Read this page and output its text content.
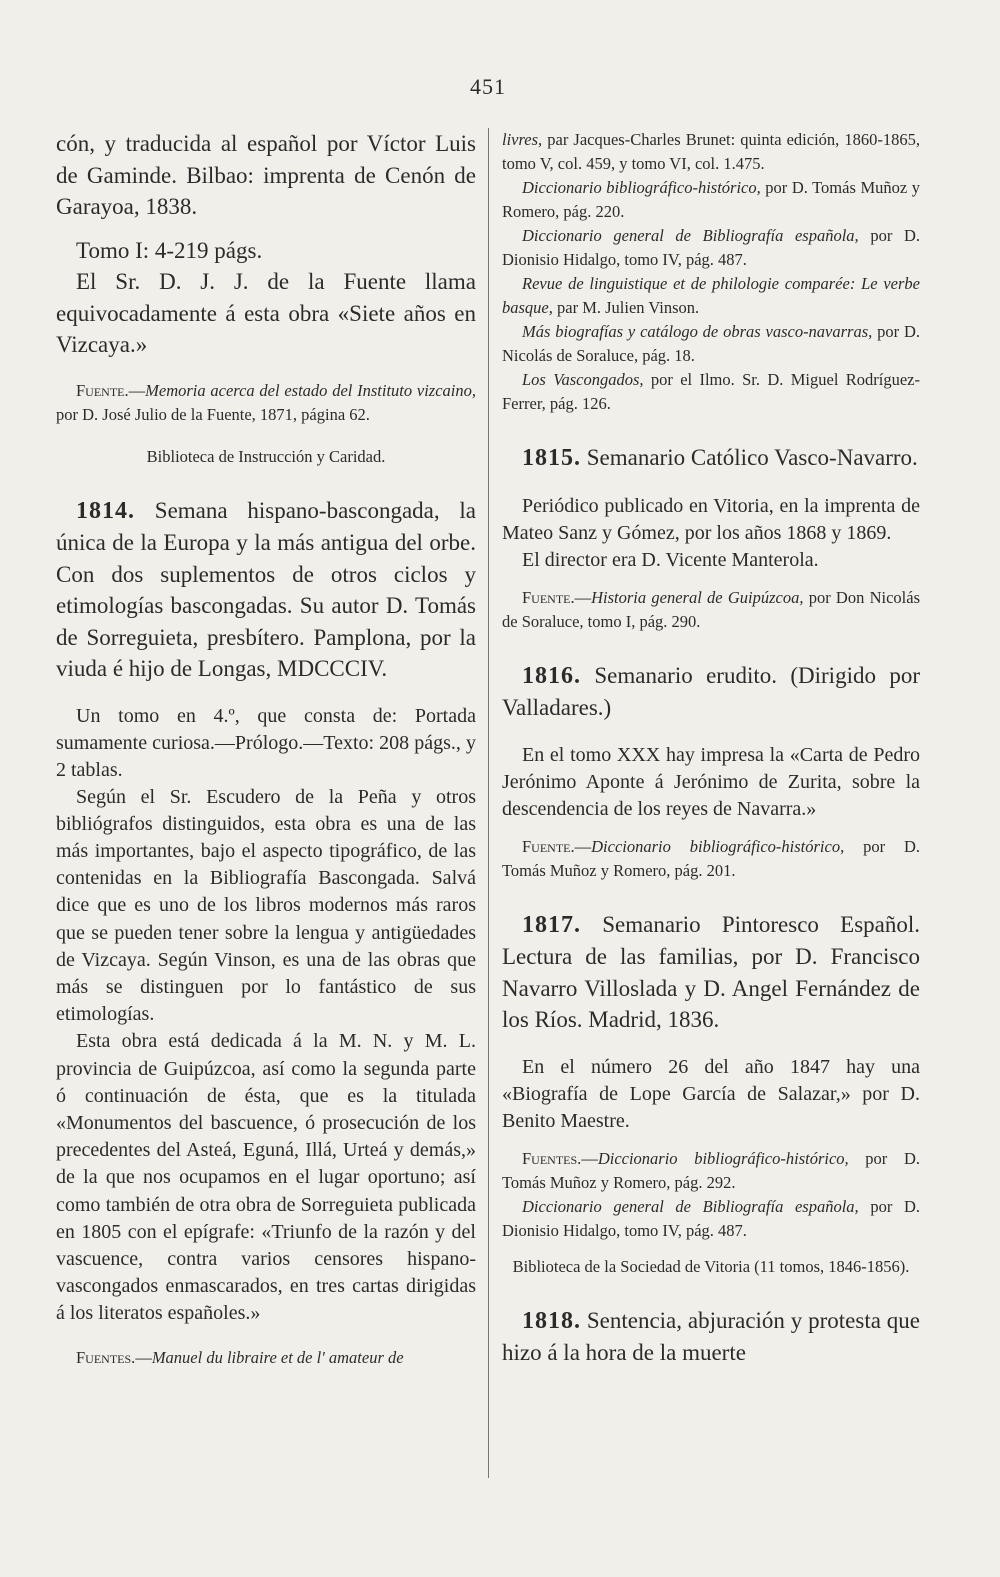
451

cón, y traducida al español por Víctor Luis de Gaminde. Bilbao: imprenta de Cenón de Garayoa, 1838.

Tomo I: 4-219 págs.

El Sr. D. J. J. de la Fuente llama equivocadamente á esta obra «Siete años en Vizcaya.»

Fuente.—Memoria acerca del estado del Instituto vizcaino, por D. José Julio de la Fuente, 1871, página 62.

Biblioteca de Instrucción y Caridad.

1814. Semana hispano-bascongada, la única de la Europa y la más antigua del orbe. Con dos suplementos de otros ciclos y etimologías bascongadas. Su autor D. Tomás de Sorreguieta, presbítero. Pamplona, por la viuda é hijo de Longas, MDCCCIV.

Un tomo en 4.º, que consta de: Portada sumamente curiosa.—Prólogo.—Texto: 208 págs., y 2 tablas.

Según el Sr. Escudero de la Peña y otros bibliógrafos distinguidos, esta obra es una de las más importantes, bajo el aspecto tipográfico, de las contenidas en la Bibliografía Bascongada. Salvá dice que es uno de los libros modernos más raros que se pueden tener sobre la lengua y antigüedades de Vizcaya. Según Vinson, es una de las obras que más se distinguen por lo fantástico de sus etimologías.

Esta obra está dedicada á la M. N. y M. L. provincia de Guipúzcoa, así como la segunda parte ó continuación de ésta, que es la titulada «Monumentos del bascuence, ó prosecución de los precedentes del Asteá, Eguná, Illá, Urteá y demás,» de la que nos ocupamos en el lugar oportuno; así como también de otra obra de Sorreguieta publicada en 1805 con el epígrafe: «Triunfo de la razón y del vascuence, contra varios censores hispano-vascongados enmascarados, en tres cartas dirigidas á los literatos españoles.»

Fuentes.—Manuel du libraire et de l' amateur de

livres, par Jacques-Charles Brunet: quinta edición, 1860-1865, tomo V, col. 459, y tomo VI, col. 1.475.

Diccionario bibliográfico-histórico, por D. Tomás Muñoz y Romero, pág. 220.

Diccionario general de Bibliografía española, por D. Dionisio Hidalgo, tomo IV, pág. 487.

Revue de linguistique et de philologie comparée: Le verbe basque, par M. Julien Vinson.

Más biografías y catálogo de obras vasco-navarras, por D. Nicolás de Soraluce, pág. 18.

Los Vascongados, por el Ilmo. Sr. D. Miguel Rodríguez-Ferrer, pág. 126.

1815. Semanario Católico Vasco-Navarro.

Periódico publicado en Vitoria, en la imprenta de Mateo Sanz y Gómez, por los años 1868 y 1869.

El director era D. Vicente Manterola.

Fuente.—Historia general de Guipúzcoa, por Don Nicolás de Soraluce, tomo I, pág. 290.

1816. Semanario erudito. (Dirigido por Valladares.)

En el tomo XXX hay impresa la «Carta de Pedro Jerónimo Aponte á Jerónimo de Zurita, sobre la descendencia de los reyes de Navarra.»

Fuente.—Diccionario bibliográfico-histórico, por D. Tomás Muñoz y Romero, pág. 201.

1817. Semanario Pintoresco Español. Lectura de las familias, por D. Francisco Navarro Villoslada y D. Angel Fernández de los Ríos. Madrid, 1836.

En el número 26 del año 1847 hay una «Biografía de Lope García de Salazar,» por D. Benito Maestre.

Fuentes.—Diccionario bibliográfico-histórico, por D. Tomás Muñoz y Romero, pág. 292.

Diccionario general de Bibliografía española, por D. Dionisio Hidalgo, tomo IV, pág. 487.

Biblioteca de la Sociedad de Vitoria (11 tomos, 1846-1856).

1818. Sentencia, abjuración y protesta que hizo á la hora de la muerte
